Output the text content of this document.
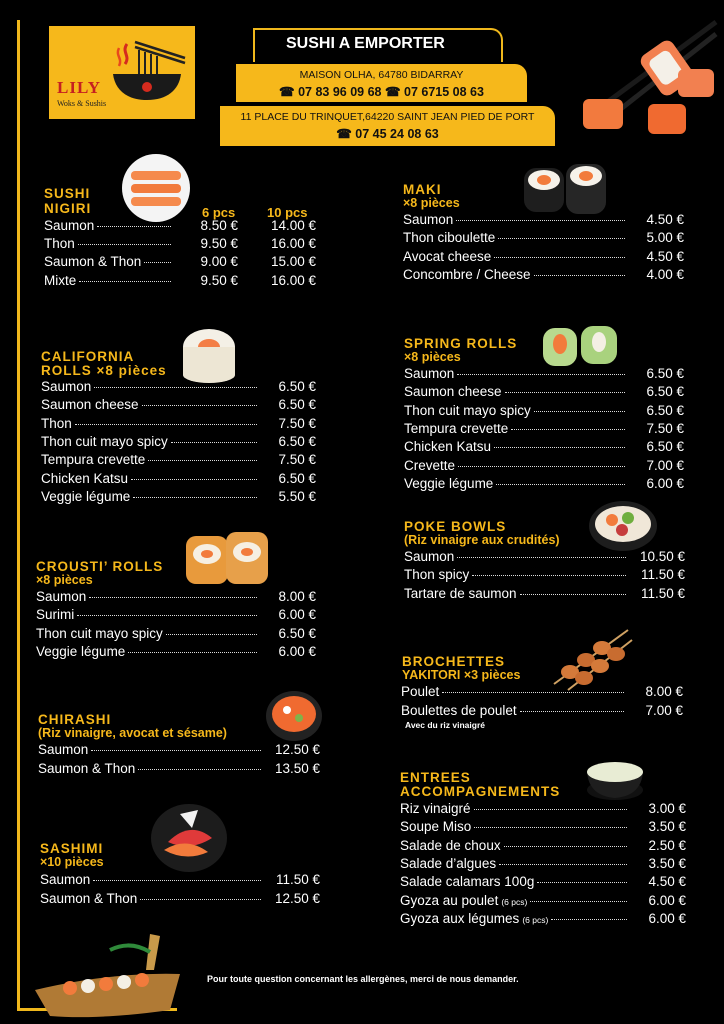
LILY
Woks & Sushis
SUSHI A EMPORTER
MAISON OLHA, 64780 BIDARRAY
☎ 07 83 96 09 68 ☎ 07 6715 08 63
11 PLACE DU TRINQUET,64220 SAINT JEAN PIED DE PORT
☎ 07 45 24 08 63
SUSHI
NIGIRI	6 pcs 10 pcs
Saumon	8.50 €	14.00 €
Thon	9.50 €	16.00 €
Saumon & Thon	9.00 €	15.00 €
Mixte	9.50 €	16.00 €
CALIFORNIA
ROLLS ×8 pièces
Saumon	6.50 €
Saumon cheese	6.50 €
Thon	7.50 €
Thon cuit mayo spicy	6.50 €
Tempura crevette	7.50 €
Chicken Katsu	6.50 €
Veggie légume	5.50 €
CROUSTI’ ROLLS
×8 pièces
Saumon	8.00 €
Surimi	6.00 €
Thon cuit mayo spicy	6.50 €
Veggie légume	6.00 €
CHIRASHI
(Riz vinaigre, avocat et sésame)
Saumon	12.50 €
Saumon & Thon	13.50 €
SASHIMI
×10 pièces
Saumon	11.50 €
Saumon & Thon	12.50 €
MAKI
×8 pièces
Saumon	4.50 €
Thon ciboulette	5.00 €
Avocat cheese	4.50 €
Concombre / Cheese	4.00 €
SPRING ROLLS
×8 pièces
Saumon	6.50 €
Saumon cheese	6.50 €
Thon cuit mayo spicy	6.50 €
Tempura crevette	7.50 €
Chicken Katsu	6.50 €
Crevette	7.00 €
Veggie légume	6.00 €
POKE BOWLS
(Riz vinaigre aux crudités)
Saumon	10.50 €
Thon spicy	11.50 €
Tartare de saumon	11.50 €
BROCHETTES
YAKITORI ×3 pièces
Poulet	8.00 €
Boulettes de poulet	7.00 €
Avec du riz vinaigré
ENTREES
ACCOMPAGNEMENTS
Riz vinaigré	3.00 €
Soupe Miso	3.50 €
Salade de choux	2.50 €
Salade d’algues	3.50 €
Salade calamars 100g	4.50 €
Gyoza au poulet (6 pcs)	6.00 €
Gyoza aux légumes (6 pcs)	6.00 €
Pour toute question concernant les allergènes, merci de nous demander.
